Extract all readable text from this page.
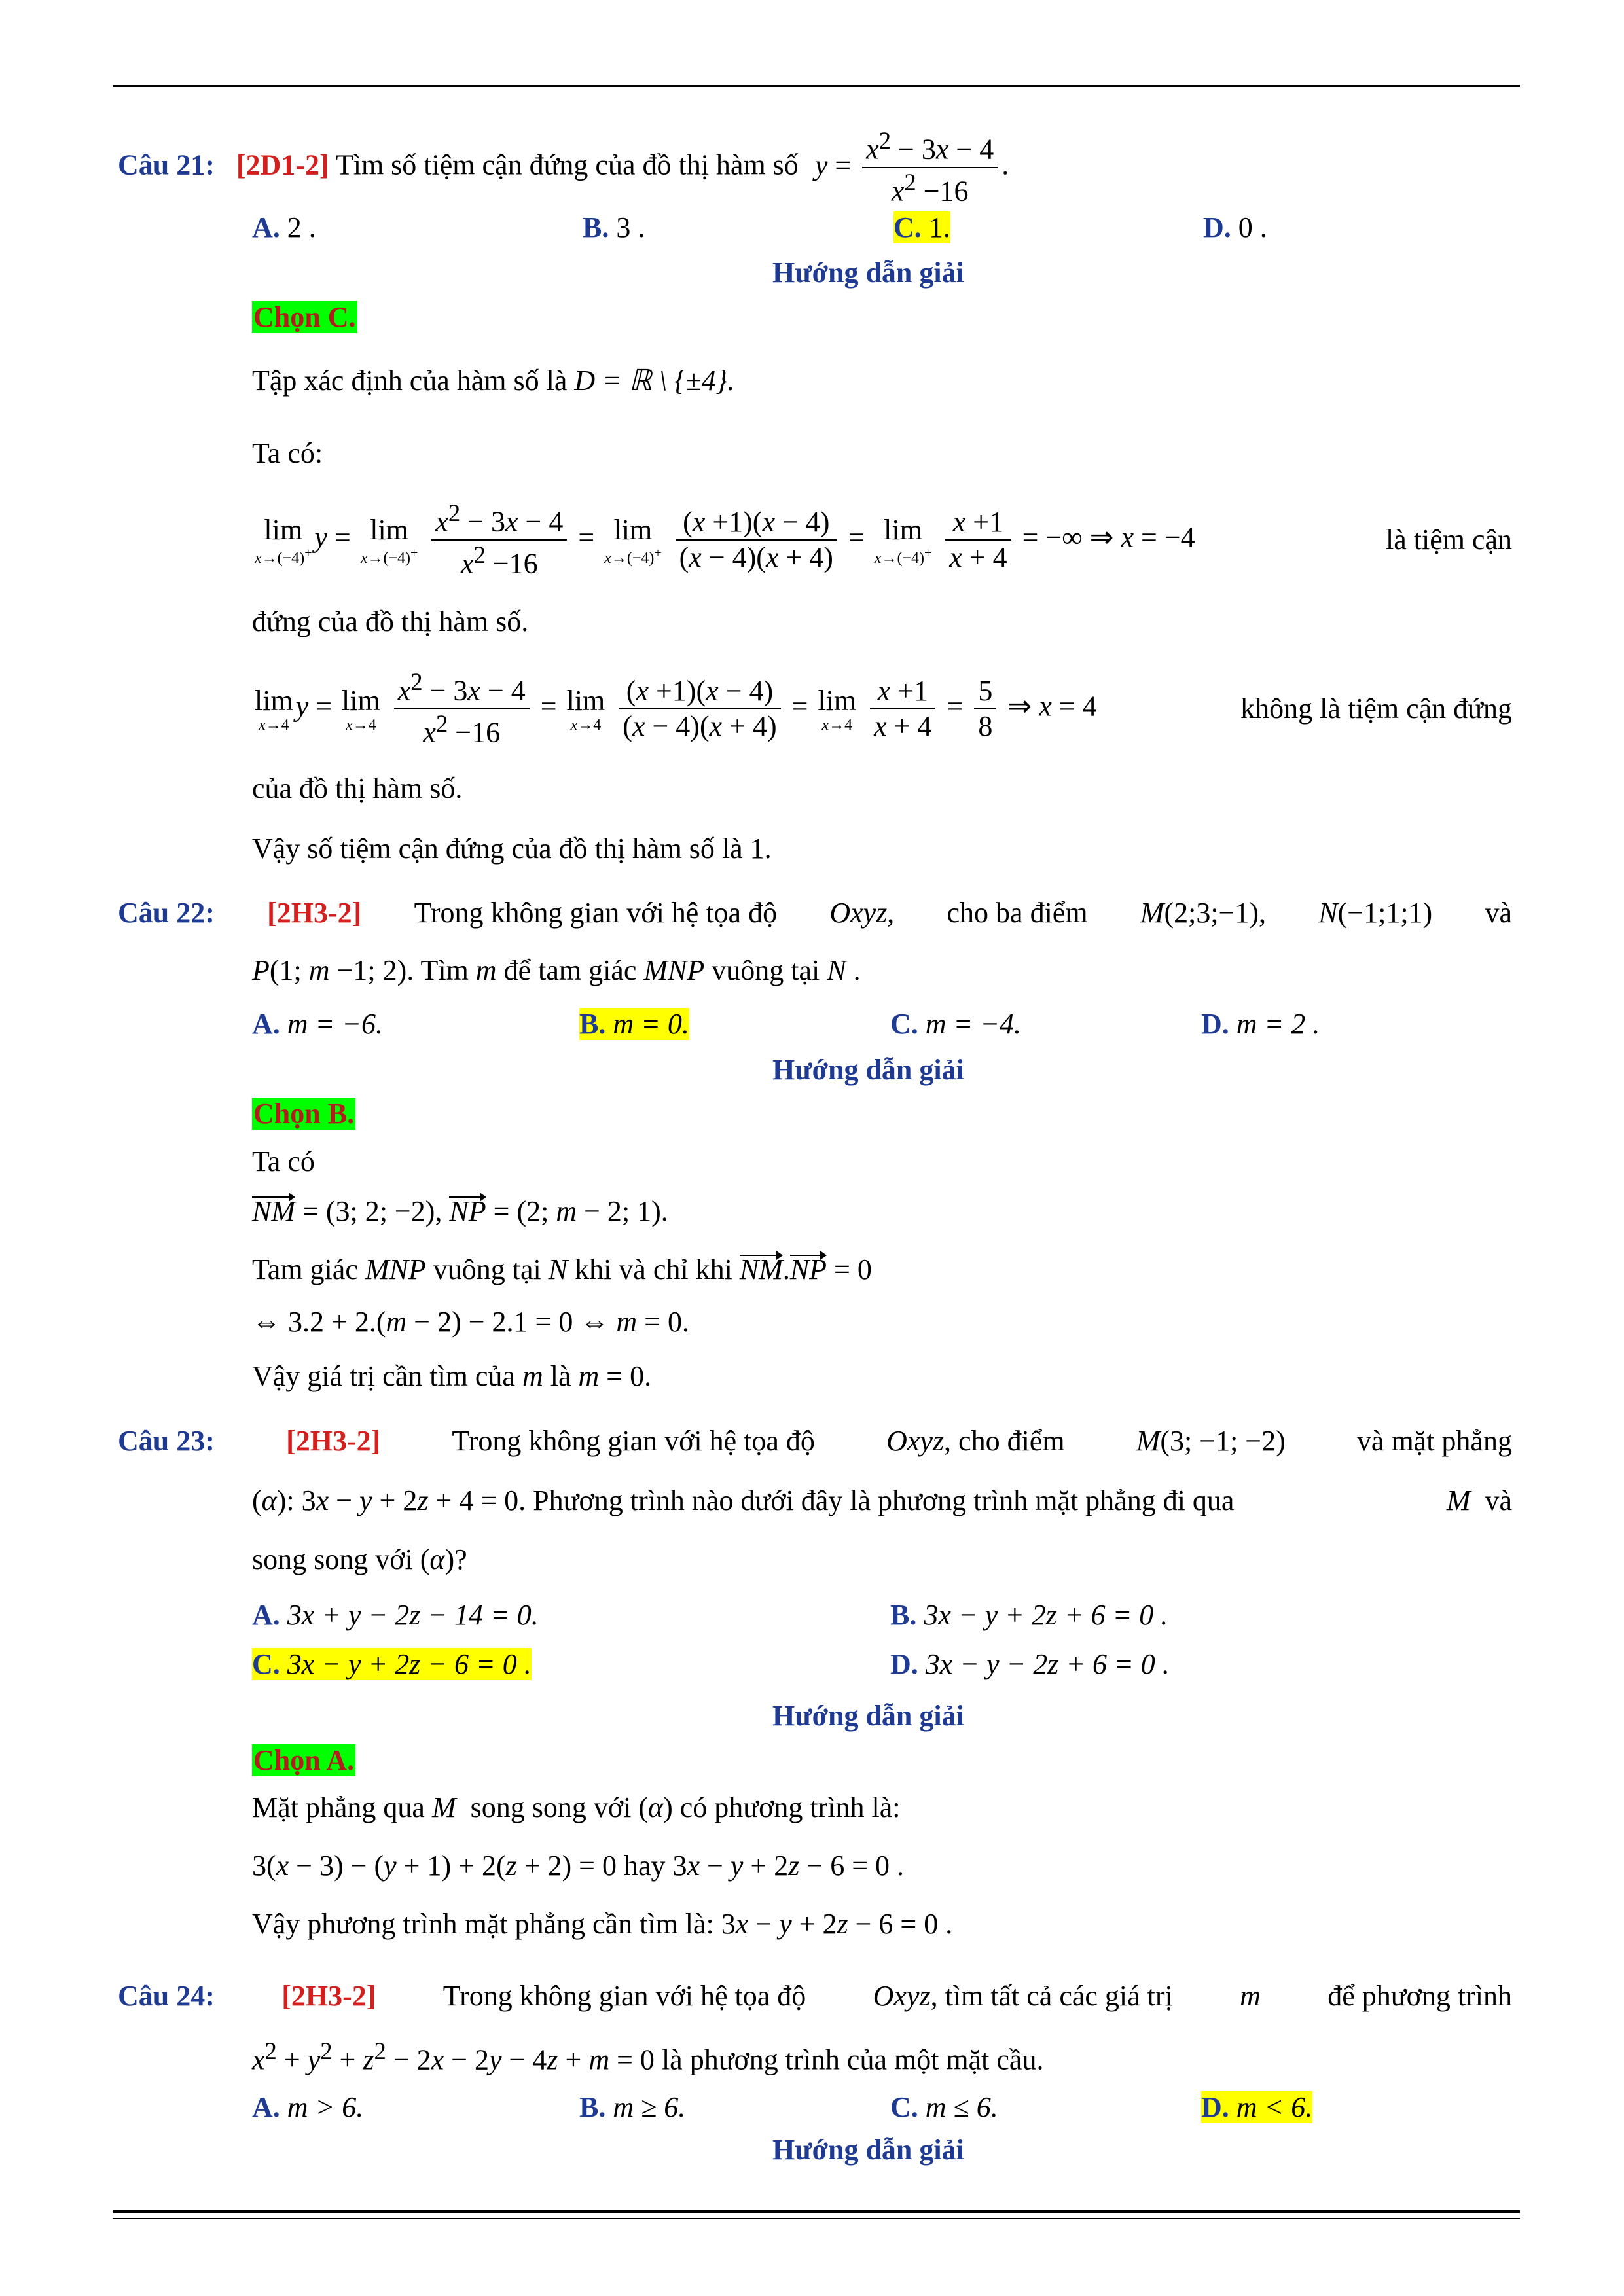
Câu 21: [2D1-2] Tìm số tiệm cận đứng của đồ thị hàm số $y = \frac{x^2 - 3x - 4}{x^2 -16}$ .
A. 2 .	B. 3 .	C. 1.	D. 0 .
Hướng dẫn giải
Chọn C.
Tập xác định của hàm số là D = ℝ \ {±4}.
Ta có:
lim
x→(−4)+ y = lim
x→(−4)+
$\frac{x^2 - 3x - 4}{x^2 -16} = \lim$
x→(−4)+
$\frac{(x +1)(x - 4)}{(x - 4)(x + 4)} = \lim$
x→(−4)+
$\frac{x +1}{x + 4}$ = −∞ ⇒ x = −4	là tiệm cận
đứng của đồ thị hàm số.
lim
x→4
y = lim
x→4
$\frac{x^2 - 3x - 4}{x^2 -16} = \lim$
x→4
$\frac{(x +1)(x - 4)}{(x - 4)(x + 4)} = \lim$
x→4
$\frac{x +1}{x + 4} = \frac{5}{8}$ ⇒ x = 4	không là tiệm cận đứng
của đồ thị hàm số.
Vậy số tiệm cận đứng của đồ thị hàm số là 1.
Câu 22: [2H3-2] Trong không gian với hệ tọa độ Oxyz, cho ba điểm M(2;3;−1), N(−1;1;1) và
P(1; m −1; 2). Tìm m để tam giác MNP vuông tại N .
A. m = −6.	B. m = 0.	C. m = −4.	D. m = 2 .
Hướng dẫn giải
Chọn B.
Ta có
NM = (3; 2; −2), NP = (2; m − 2; 1).
Tam giác MNP vuông tại N khi và chỉ khi NM.NP = 0
⇔ 3.2 + 2.(m − 2) − 2.1 = 0 ⇔ m = 0.
Vậy giá trị cần tìm của m là m = 0.
Câu 23: [2H3-2] Trong không gian với hệ tọa độ Oxyz, cho điểm M(3; −1; −2) và mặt phẳng
(α): 3x − y + 2z + 4 = 0. Phương trình nào dưới đây là phương trình mặt phẳng đi qua	M và
song song với (α)?
A. 3x + y − 2z − 14 = 0.	B. 3x − y + 2z + 6 = 0 .
C. 3x − y + 2z − 6 = 0 .	D. 3x − y − 2z + 6 = 0 .
Hướng dẫn giải
Chọn A.
Mặt phẳng qua M song song với (α) có phương trình là:
3(x − 3) − (y + 1) + 2(z + 2) = 0 hay 3x − y + 2z − 6 = 0 .
Vậy phương trình mặt phẳng cần tìm là: 3x − y + 2z − 6 = 0 .
Câu 24: [2H3-2] Trong không gian với hệ tọa độ Oxyz, tìm tất cả các giá trị m để phương trình
$x^2 + y^2 + z^2 - 2x - 2y - 4z + m = 0$ là phương trình của một mặt cầu.
A. m > 6.	B. m ≥ 6.	C. m ≤ 6.	D. m < 6.
Hướng dẫn giải
